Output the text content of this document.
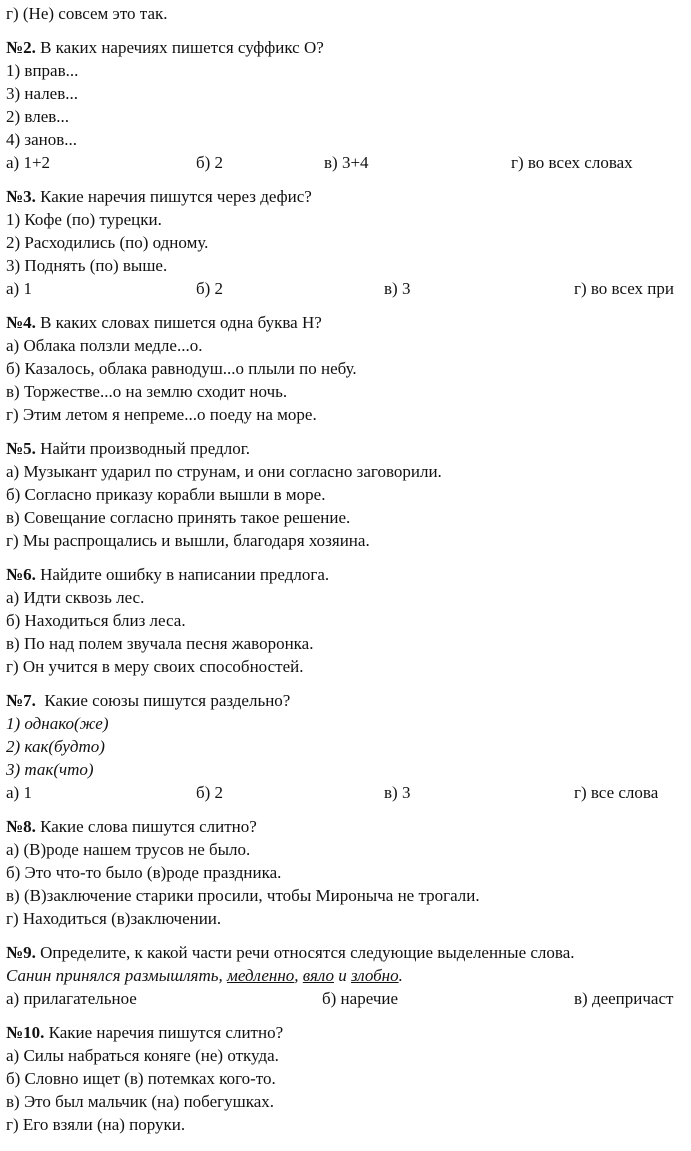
г) (Не) совсем это так.
№2. В каких наречиях пишется суффикс О?
1) вправ...
3) налев...
2) влев...
4) занов...
а) 1+2	б) 2	в) 3+4	г) во всех словах
№3. Какие наречия пишутся через дефис?
1) Кофе (по) турецки.
2) Расходились (по) одному.
3) Поднять (по) выше.
а) 1	б) 2	в) 3	г) во всех при
№4. В каких словах пишется одна буква Н?
а) Облака ползли медле...о.
б) Казалось, облака равнодуш...о плыли по небу.
в) Торжестве...о на землю сходит ночь.
г) Этим летом я непреме...о поеду на море.
№5. Найти производный предлог.
а) Музыкант ударил по струнам, и они согласно заговорили.
б) Согласно приказу корабли вышли в море.
в) Совещание согласно принять такое решение.
г) Мы распрощались и вышли, благодаря хозяина.
№6. Найдите ошибку в написании предлога.
а) Идти сквозь лес.
б) Находиться близ леса.
в) По над полем звучала песня жаворонка.
г) Он учится в меру своих способностей.
№7.  Какие союзы пишутся раздельно?
1) однако(же)
2) как(будто)
3) так(что)
а) 1	б) 2	в) 3	г) все слова
№8. Какие слова пишутся слитно?
а) (В)роде нашем трусов не было.
б) Это что-то было (в)роде праздника.
в) (В)заключение старики просили, чтобы Мироныча не трогали.
г) Находиться (в)заключении.
№9. Определите, к какой части речи относятся следующие выделенные слова.
Санин принялся размышлять, медленно, вяло и злобно.
а) прилагательное	б) наречие	в) деепричаст
№10. Какие наречия пишутся слитно?
а) Силы набраться коняге (не) откуда.
б) Словно ищет (в) потемках кого-то.
в) Это был мальчик (на) побегушках.
г) Его взяли (на) поруки.
